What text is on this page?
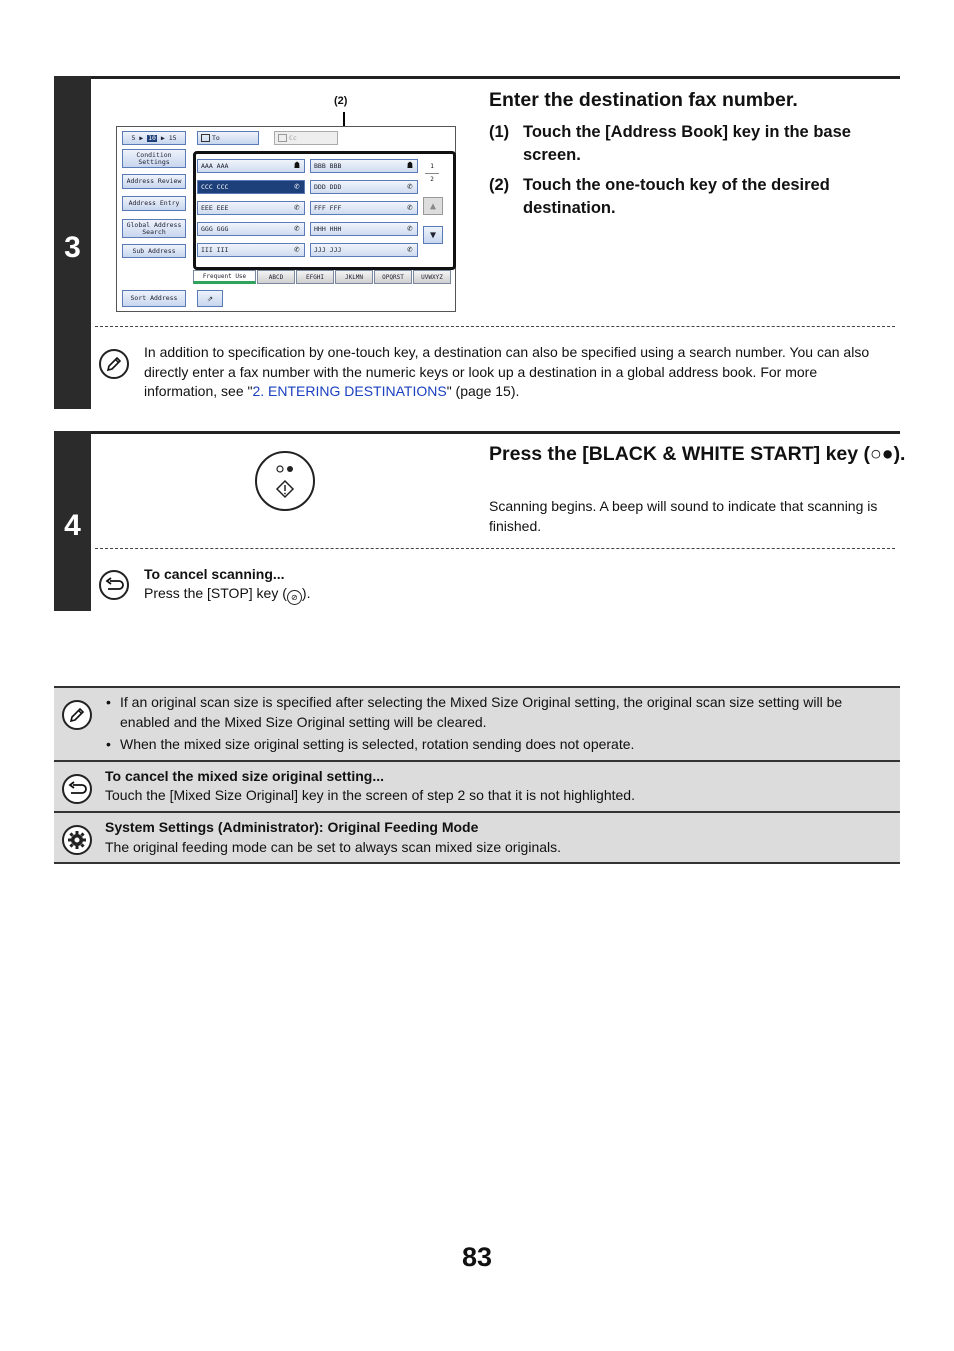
3
Enter the destination fax number.
(1) Touch the [Address Book] key in the base screen.
(2) Touch the one-touch key of the desired destination.
(2)
5 ▶ 10 ▶ 15	To	Cc
Condition Settings
Address Review
Address Entry
Global Address Search
Sub Address
Sort Address	⇗
AAA AAA	☗	BBB BBB	☗
CCC CCC	✆	DDD DDD	✆
EEE EEE	✆	FFF FFF	✆
GGG GGG	✆	HHH HHH	✆
III III	✆	JJJ JJJ	✆
1
2
▲
▼
Frequent Use	ABCD	EFGHI	JKLMN	OPQRST	UVWXYZ
In addition to specification by one-touch key, a destination can also be specified using a search number. You can also directly enter a fax number with the numeric keys or look up a destination in a global address book. For more information, see "2. ENTERING DESTINATIONS" (page 15).
4
Press the [BLACK & WHITE START] key (○●).
Scanning begins. A beep will sound to indicate that scanning is finished.
To cancel scanning...
Press the [STOP] key ( ⊘ ).
• If an original scan size is specified after selecting the Mixed Size Original setting, the original scan size setting will be enabled and the Mixed Size Original setting will be cleared.
• When the mixed size original setting is selected, rotation sending does not operate.
To cancel the mixed size original setting...
Touch the [Mixed Size Original] key in the screen of step 2 so that it is not highlighted.
System Settings (Administrator): Original Feeding Mode
The original feeding mode can be set to always scan mixed size originals.
83
